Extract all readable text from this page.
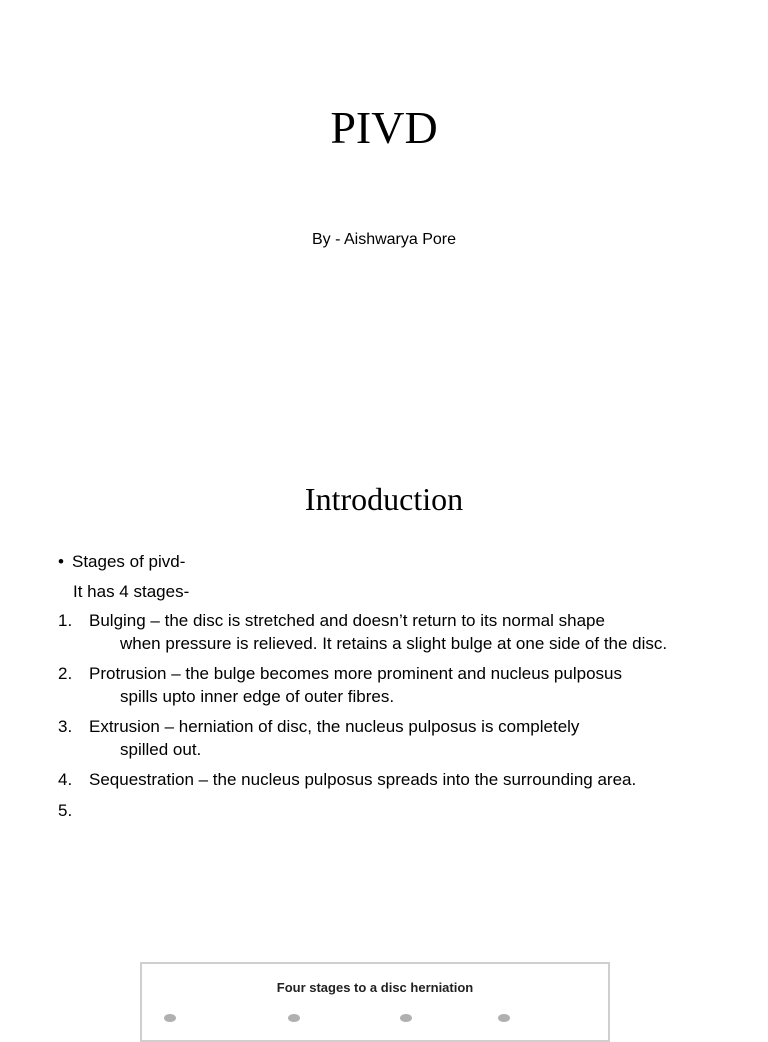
PIVD
By - Aishwarya Pore
Introduction
• Stages of pivd-
It has 4 stages-
1. Bulging – the disc is stretched and doesn’t return to its normal shape
when pressure is relieved. It retains a slight bulge at one side of the disc.
2. Protrusion – the bulge becomes more prominent and nucleus pulposus
spills upto inner edge of outer fibres.
3. Extrusion – herniation of disc, the nucleus pulposus is completely
spilled out.
4. Sequestration – the nucleus pulposus spreads into the surrounding area.
5.
Four stages to a disc herniation
